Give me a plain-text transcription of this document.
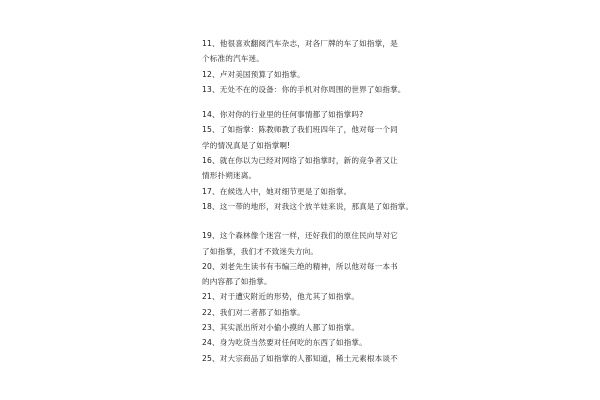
11、他很喜欢翻阅汽车杂志，对各厂牌的车了如指掌，是
个标准的汽车迷。
12、卢对美国预算了如指掌。
13、无处不在的设备：你的手机对你周围的世界了如指掌。
14、你对你的行业里的任何事情都了如指掌吗?
15、了如指掌：陈教师教了我们班四年了，他对每一个同
学的情况真是了如指掌啊!
16、就在你以为已经对网络了如指掌时，新的竞争者又让
情形扑朔迷离。
17、在候选人中，她对细节更是了如指掌。
18、这一带的地形，对我这个放羊娃来说，那真是了如指掌。
19、这个森林像个迷宫一样，还好我们的原住民向导对它
了如指掌，我们才不致迷失方向。
20、刘老先生读书有韦编三绝的精神，所以他对每一本书
的内容都了如指掌。
21、对于遭灾附近的形势，他尤其了如指掌。
22、我们对二者都了如指掌。
23、其实派出所对小偷小摸的人都了如指掌。
24、身为吃货当然要对任何吃的东西了如指掌。
25、对大宗商品了如指掌的人都知道，稀土元素根本谈不
